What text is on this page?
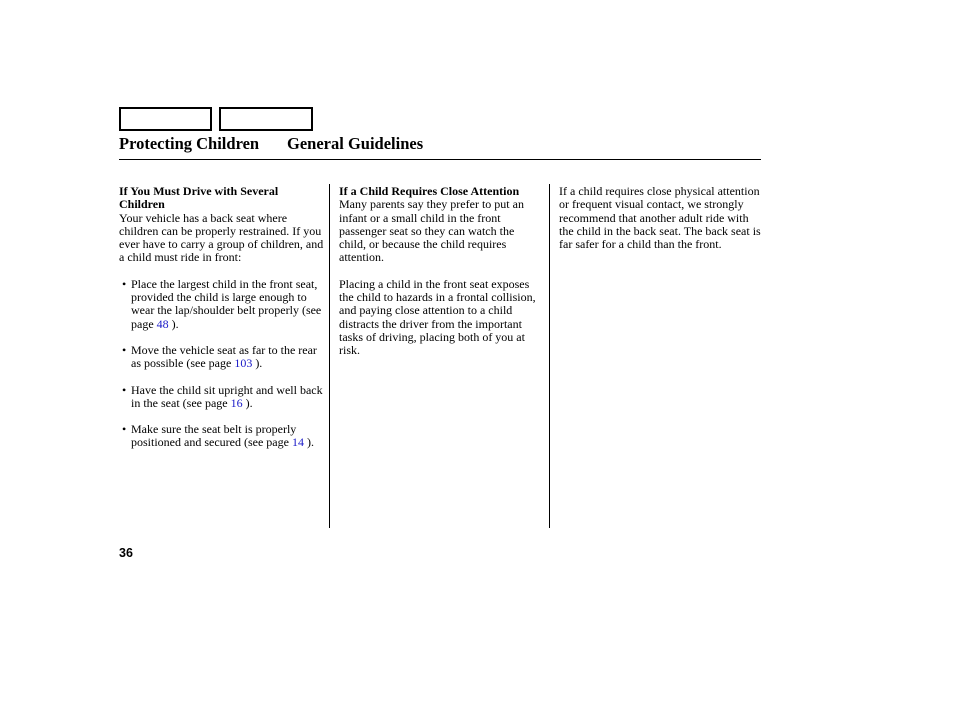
Protecting Children General Guidelines

If You Must Drive with Several Children

Your vehicle has a back seat where children can be properly restrained. If you ever have to carry a group of children, and a child must ride in front:

• Place the largest child in the front seat, provided the child is large enough to wear the lap/shoulder belt properly (see page 48 ).
• Move the vehicle seat as far to the rear as possible (see page 103 ).
• Have the child sit upright and well back in the seat (see page 16 ).
• Make sure the seat belt is properly positioned and secured (see page 14 ).

If a Child Requires Close Attention

Many parents say they prefer to put an infant or a small child in the front passenger seat so they can watch the child, or because the child requires attention.

Placing a child in the front seat exposes the child to hazards in a frontal collision, and paying close attention to a child distracts the driver from the important tasks of driving, placing both of you at risk.

If a child requires close physical attention or frequent visual contact, we strongly recommend that another adult ride with the child in the back seat. The back seat is far safer for a child than the front.

36
